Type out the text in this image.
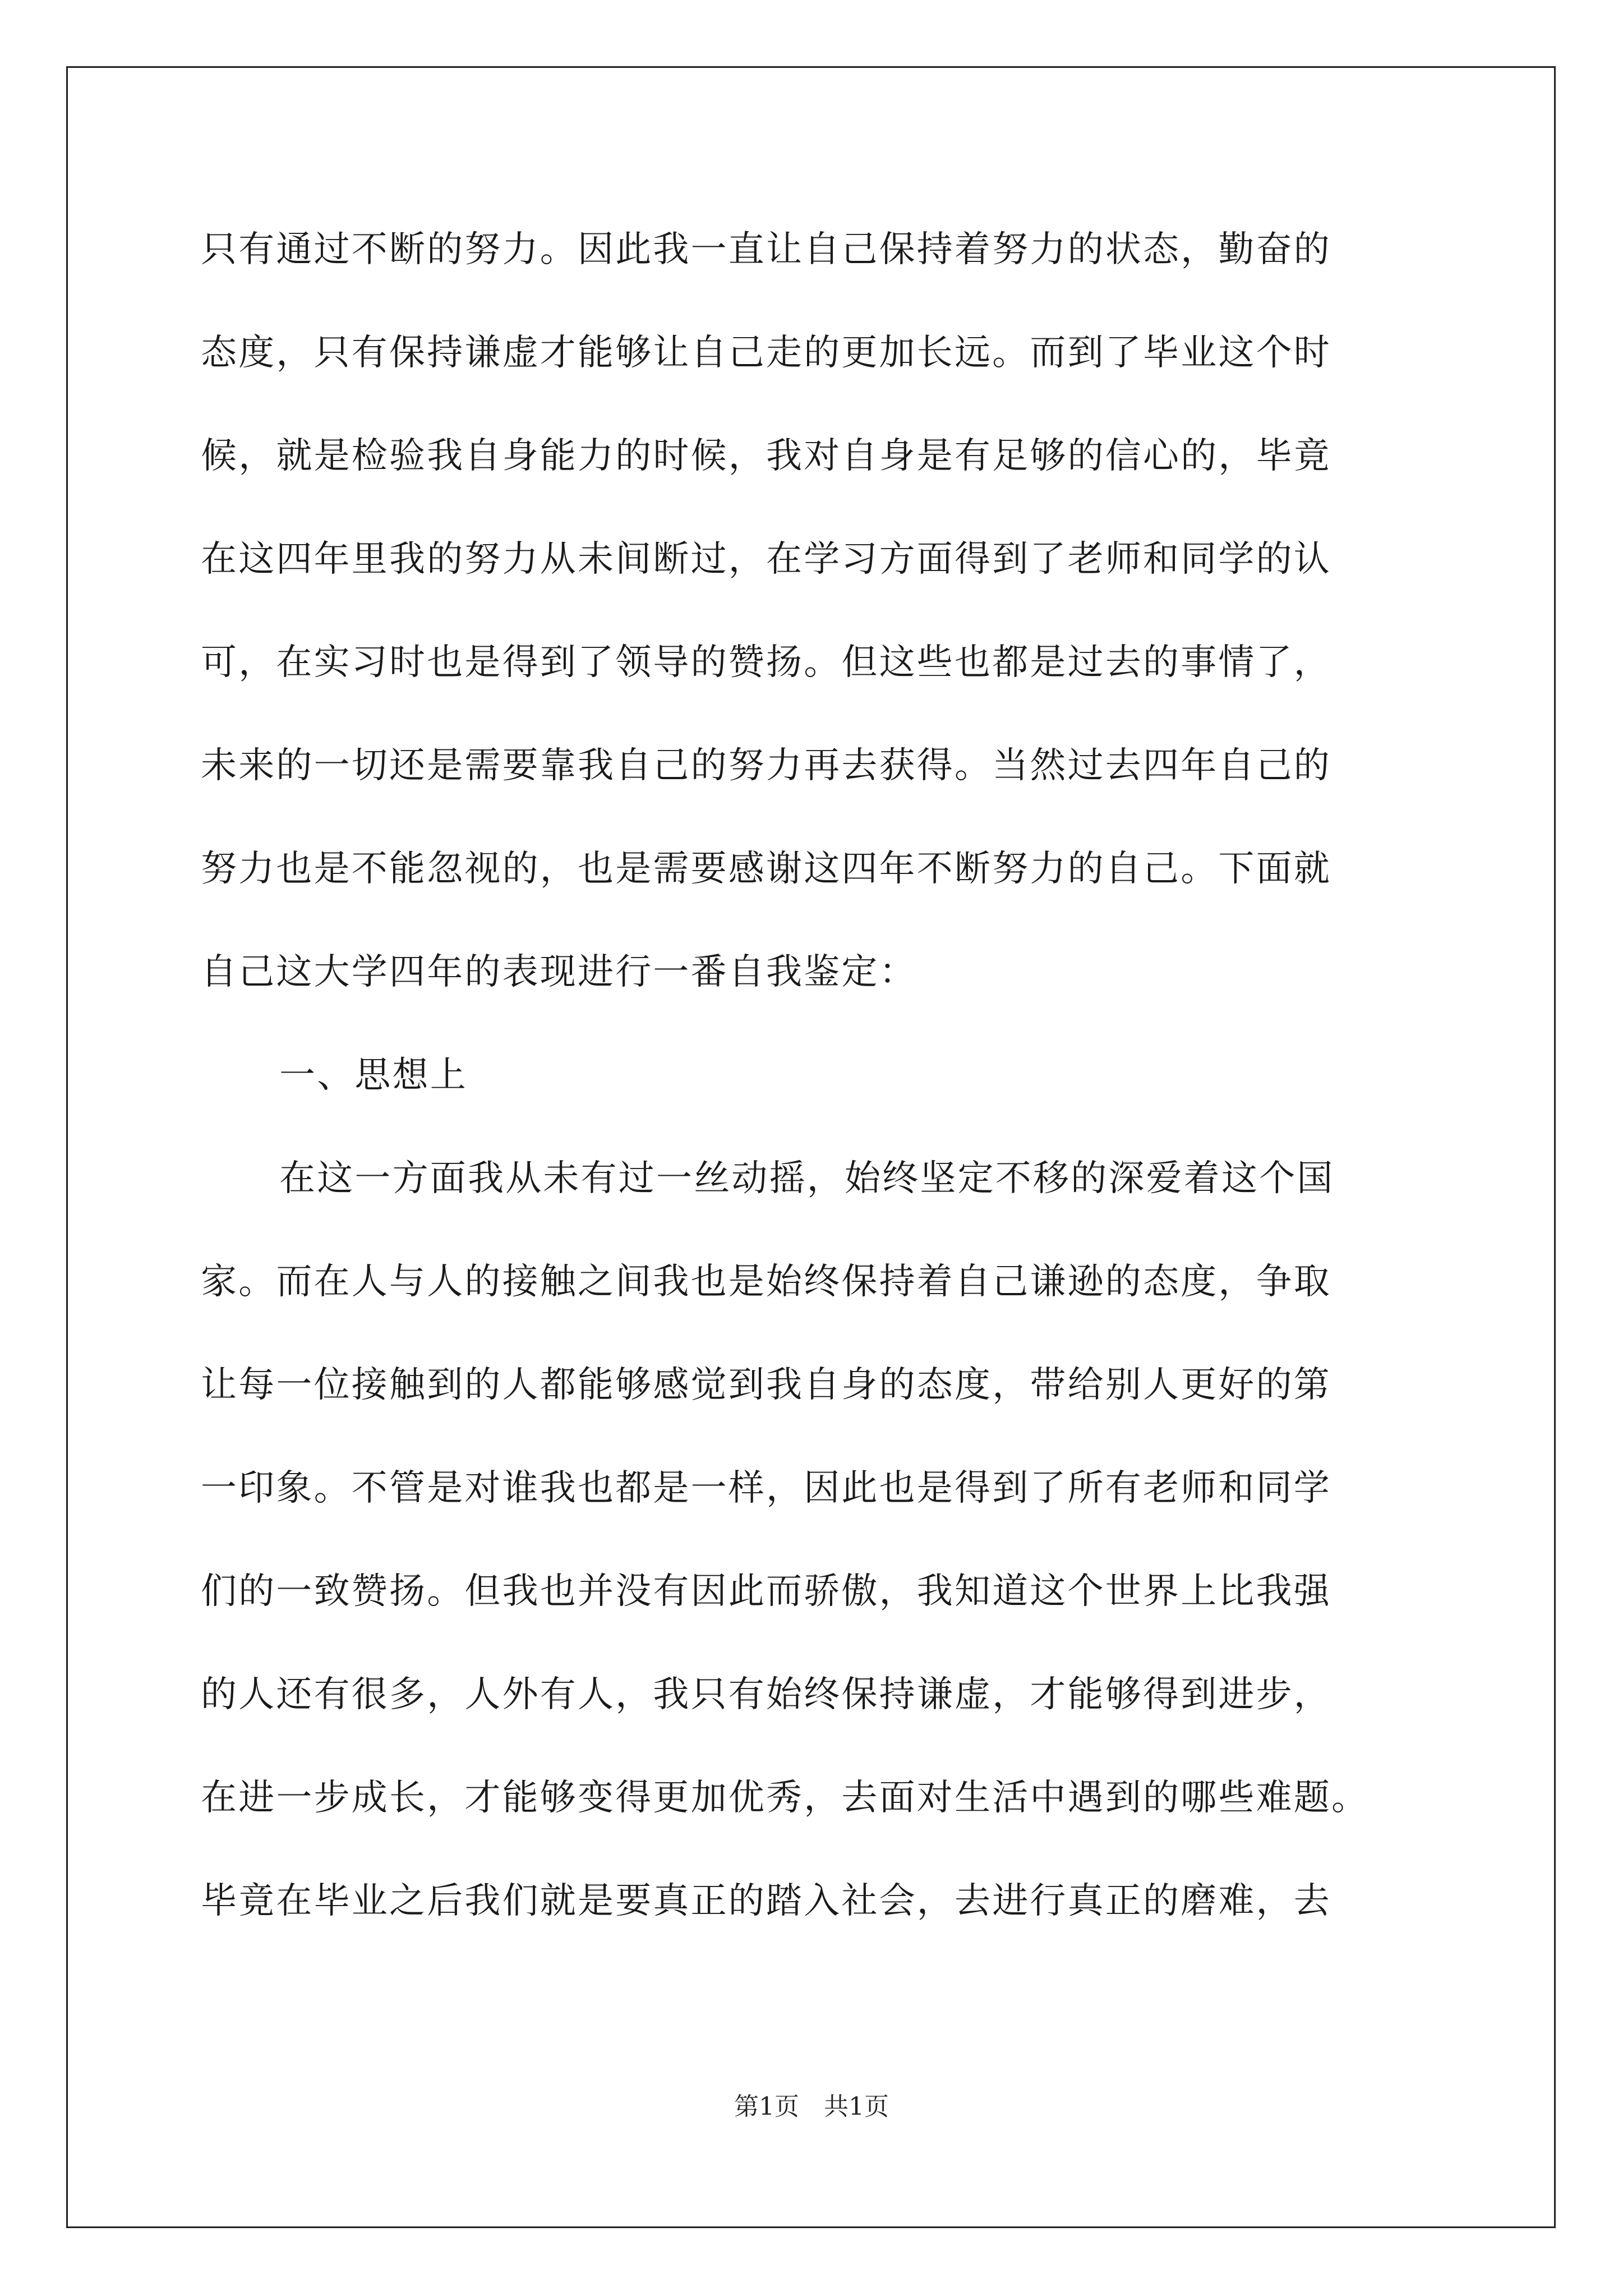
只有通过不断的努力。因此我一直让自己保持着努力的状态，勤奋的
态度，只有保持谦虚才能够让自己走的更加长远。而到了毕业这个时
候，就是检验我自身能力的时候，我对自身是有足够的信心的，毕竟
在这四年里我的努力从未间断过，在学习方面得到了老师和同学的认
可，在实习时也是得到了领导的赞扬。但这些也都是过去的事情了，
未来的一切还是需要靠我自己的努力再去获得。当然过去四年自己的
努力也是不能忽视的，也是需要感谢这四年不断努力的自己。下面就
自己这大学四年的表现进行一番自我鉴定：
一、思想上
在这一方面我从未有过一丝动摇，始终坚定不移的深爱着这个国
家。而在人与人的接触之间我也是始终保持着自己谦逊的态度，争取
让每一位接触到的人都能够感觉到我自身的态度，带给别人更好的第
一印象。不管是对谁我也都是一样，因此也是得到了所有老师和同学
们的一致赞扬。但我也并没有因此而骄傲，我知道这个世界上比我强
的人还有很多，人外有人，我只有始终保持谦虚，才能够得到进步，
在进一步成长，才能够变得更加优秀，去面对生活中遇到的哪些难题。
毕竟在毕业之后我们就是要真正的踏入社会，去进行真正的磨难，去
第1页　共1页
